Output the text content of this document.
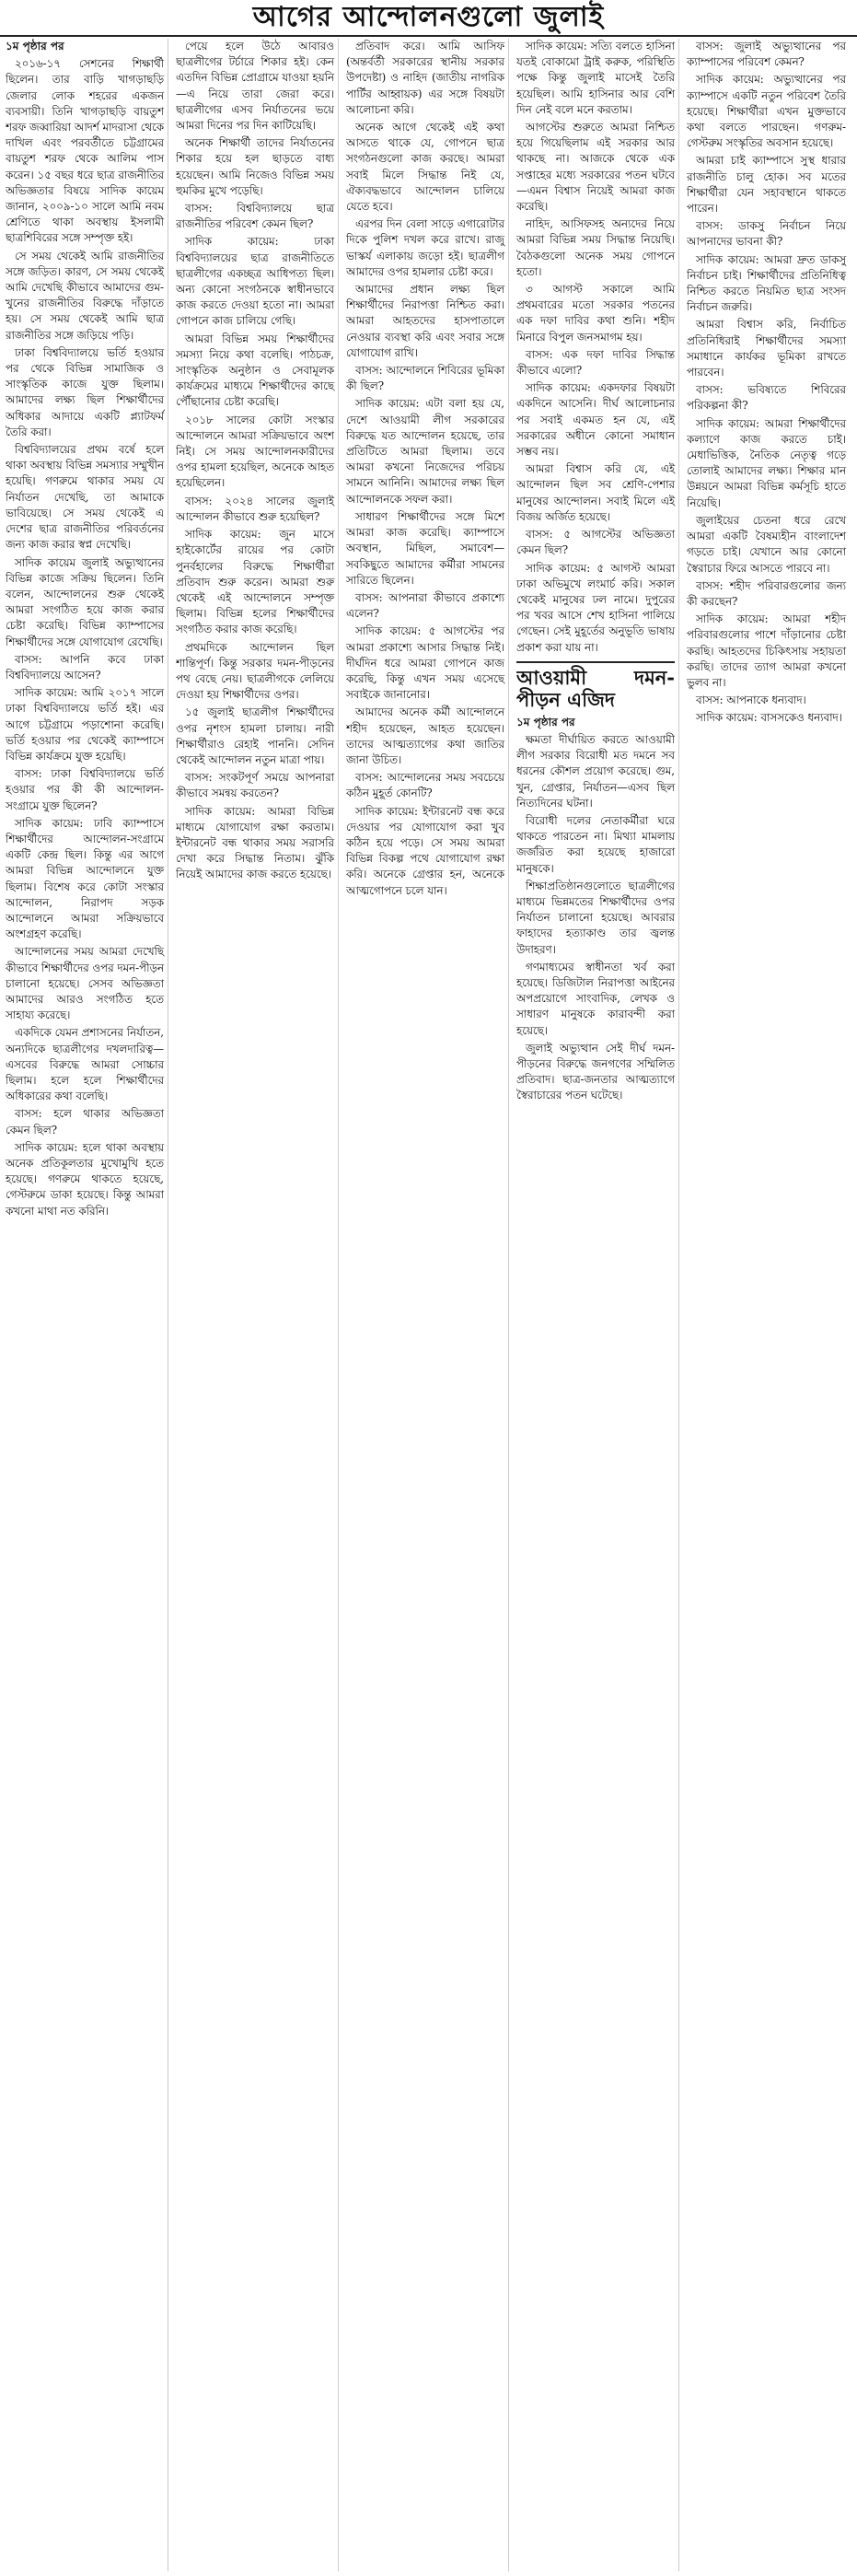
আগের আন্দোলনগুলো জুলাই
১ম পৃষ্ঠার পর

২০১৬-১৭ সেশনের শিক্ষার্থী ছিলেন। তার বাড়ি খাগড়াছড়ি জেলার লোক শহরের একজন ব্যবসায়ী। তিনি খাগড়াছড়ি বায়তুশ শরফ জব্বারিয়া আদর্শ মাদরাসা থেকে দাখিল এবং পরবর্তীতে চট্টগ্রামের বায়তুশ শরফ থেকে আলিম পাস করেন। ১৫ বছর ধরে ছাত্র রাজনীতির অভিজ্ঞতার বিষয়ে সাদিক কায়েম জানান, ২০০৯-১০ সালে আমি নবম শ্রেণিতে থাকা অবস্থায় ইসলামী ছাত্রশিবিরের সঙ্গে সম্পৃক্ত হই।

সে সময় থেকেই আমি রাজনীতির সঙ্গে জড়িত। কারণ, সে সময় থেকেই আমি দেখেছি কীভাবে আমাদের গুম-খুনের রাজনীতির বিরুদ্ধে দাঁড়াতে হয়। সে সময় থেকেই আমি ছাত্র রাজনীতির সঙ্গে জড়িয়ে পড়ি।

ঢাকা বিশ্ববিদ্যালয়ে ভর্তি হওয়ার পর থেকে বিভিন্ন সামাজিক ও সাংস্কৃতিক কাজে যুক্ত ছিলাম। আমাদের লক্ষ্য ছিল শিক্ষার্থীদের অধিকার আদায়ে একটি প্ল্যাটফর্ম তৈরি করা।

বিশ্ববিদ্যালয়ের প্রথম বর্ষে হলে থাকা অবস্থায় বিভিন্ন সমস্যার সম্মুখীন হয়েছি। গণরুমে থাকার সময় যে নির্যাতন দেখেছি, তা আমাকে ভাবিয়েছে। সে সময় থেকেই এ দেশের ছাত্র রাজনীতির পরিবর্তনের জন্য কাজ করার স্বপ্ন দেখেছি।

সাদিক কায়েম জুলাই অভ্যুত্থানের বিভিন্ন কাজে সক্রিয় ছিলেন। তিনি বলেন, আন্দোলনের শুরু থেকেই আমরা সংগঠিত হয়ে কাজ করার চেষ্টা করেছি। বিভিন্ন ক্যাম্পাসের শিক্ষার্থীদের সঙ্গে যোগাযোগ রেখেছি।

বাসস: আপনি কবে ঢাকা বিশ্ববিদ্যালয়ে আসেন?

সাদিক কায়েম: আমি ২০১৭ সালে ঢাকা বিশ্ববিদ্যালয়ে ভর্তি হই। এর আগে চট্টগ্রামে পড়াশোনা করেছি। ভর্তি হওয়ার পর থেকেই ক্যাম্পাসে বিভিন্ন কার্যক্রমে যুক্ত হয়েছি।

বাসস: ঢাকা বিশ্ববিদ্যালয়ে ভর্তি হওয়ার পর কী কী আন্দোলন-সংগ্রামে যুক্ত ছিলেন?

সাদিক কায়েম: ঢাবি ক্যাম্পাসে শিক্ষার্থীদের আন্দোলন-সংগ্রামে একটি কেন্দ্র ছিল। কিন্তু এর আগে আমরা বিভিন্ন আন্দোলনে যুক্ত ছিলাম। বিশেষ করে কোটা সংস্কার আন্দোলন, নিরাপদ সড়ক আন্দোলনে আমরা সক্রিয়ভাবে অংশগ্রহণ করেছি।

আন্দোলনের সময় আমরা দেখেছি কীভাবে শিক্ষার্থীদের ওপর দমন-পীড়ন চালানো হয়েছে। সেসব অভিজ্ঞতা আমাদের আরও সংগঠিত হতে সাহায্য করেছে।

একদিকে যেমন প্রশাসনের নির্যাতন, অন্যদিকে ছাত্রলীগের দখলদারিত্ব—এসবের বিরুদ্ধে আমরা সোচ্চার ছিলাম। হলে হলে শিক্ষার্থীদের অধিকারের কথা বলেছি।

বাসস: হলে থাকার অভিজ্ঞতা কেমন ছিল?

সাদিক কায়েম: হলে থাকা অবস্থায় অনেক প্রতিকূলতার মুখোমুখি হতে হয়েছে। গণরুমে থাকতে হয়েছে, গেস্টরুমে ডাকা হয়েছে। কিন্তু আমরা কখনো মাথা নত করিনি।

পেয়ে হলে উঠে আবারও ছাত্রলীগের টর্চারে শিকার হই। কেন এতদিন বিভিন্ন প্রোগ্রামে যাওয়া হয়নি—এ নিয়ে তারা জেরা করে। ছাত্রলীগের এসব নির্যাতনের ভয়ে আমরা দিনের পর দিন কাটিয়েছি।

অনেক শিক্ষার্থী তাদের নির্যাতনের শিকার হয়ে হল ছাড়তে বাধ্য হয়েছেন। আমি নিজেও বিভিন্ন সময় হুমকির মুখে পড়েছি।

বাসস: বিশ্ববিদ্যালয়ে ছাত্র রাজনীতির পরিবেশ কেমন ছিল?

সাদিক কায়েম: ঢাকা বিশ্ববিদ্যালয়ের ছাত্র রাজনীতিতে ছাত্রলীগের একচ্ছত্র আধিপত্য ছিল। অন্য কোনো সংগঠনকে স্বাধীনভাবে কাজ করতে দেওয়া হতো না। আমরা গোপনে কাজ চালিয়ে গেছি।

আমরা বিভিন্ন সময় শিক্ষার্থীদের সমস্যা নিয়ে কথা বলেছি। পাঠচক্র, সাংস্কৃতিক অনুষ্ঠান ও সেবামূলক কার্যক্রমের মাধ্যমে শিক্ষার্থীদের কাছে পৌঁছানোর চেষ্টা করেছি।

২০১৮ সালের কোটা সংস্কার আন্দোলনে আমরা সক্রিয়ভাবে অংশ নিই। সে সময় আন্দোলনকারীদের ওপর হামলা হয়েছিল, অনেকে আহত হয়েছিলেন।

বাসস: ২০২৪ সালের জুলাই আন্দোলন কীভাবে শুরু হয়েছিল?

সাদিক কায়েম: জুন মাসে হাইকোর্টের রায়ের পর কোটা পুনর্বহালের বিরুদ্ধে শিক্ষার্থীরা প্রতিবাদ শুরু করেন। আমরা শুরু থেকেই এই আন্দোলনে সম্পৃক্ত ছিলাম। বিভিন্ন হলের শিক্ষার্থীদের সংগঠিত করার কাজ করেছি।

প্রথমদিকে আন্দোলন ছিল শান্তিপূর্ণ। কিন্তু সরকার দমন-পীড়নের পথ বেছে নেয়। ছাত্রলীগকে লেলিয়ে দেওয়া হয় শিক্ষার্থীদের ওপর।

১৫ জুলাই ছাত্রলীগ শিক্ষার্থীদের ওপর নৃশংস হামলা চালায়। নারী শিক্ষার্থীরাও রেহাই পাননি। সেদিন থেকেই আন্দোলন নতুন মাত্রা পায়।

বাসস: সংকটপূর্ণ সময়ে আপনারা কীভাবে সমন্বয় করতেন?

সাদিক কায়েম: আমরা বিভিন্ন মাধ্যমে যোগাযোগ রক্ষা করতাম। ইন্টারনেট বন্ধ থাকার সময় সরাসরি দেখা করে সিদ্ধান্ত নিতাম। ঝুঁকি নিয়েই আমাদের কাজ করতে হয়েছে।

প্রতিবাদ করে। আমি আসিফ (অন্তর্বর্তী সরকারের স্থানীয় সরকার উপদেষ্টা) ও নাহিদ (জাতীয় নাগরিক পার্টির আহ্বায়ক) এর সঙ্গে বিষয়টা আলোচনা করি।

অনেক আগে থেকেই এই কথা আসতে থাকে যে, গোপনে ছাত্র সংগঠনগুলো কাজ করছে। আমরা সবাই মিলে সিদ্ধান্ত নিই যে, ঐক্যবদ্ধভাবে আন্দোলন চালিয়ে যেতে হবে।

এরপর দিন বেলা সাড়ে এগারোটার দিকে পুলিশ দখল করে রাখে। রাজু ভাস্কর্য এলাকায় জড়ো হই। ছাত্রলীগ আমাদের ওপর হামলার চেষ্টা করে।

আমাদের প্রধান লক্ষ্য ছিল শিক্ষার্থীদের নিরাপত্তা নিশ্চিত করা। আমরা আহতদের হাসপাতালে নেওয়ার ব্যবস্থা করি এবং সবার সঙ্গে যোগাযোগ রাখি।

বাসস: আন্দোলনে শিবিরের ভূমিকা কী ছিল?

সাদিক কায়েম: এটা বলা হয় যে, দেশে আওয়ামী লীগ সরকারের বিরুদ্ধে যত আন্দোলন হয়েছে, তার প্রতিটিতে আমরা ছিলাম। তবে আমরা কখনো নিজেদের পরিচয় সামনে আনিনি। আমাদের লক্ষ্য ছিল আন্দোলনকে সফল করা।

সাধারণ শিক্ষার্থীদের সঙ্গে মিশে আমরা কাজ করেছি। ক্যাম্পাসে অবস্থান, মিছিল, সমাবেশ—সবকিছুতে আমাদের কর্মীরা সামনের সারিতে ছিলেন।

বাসস: আপনারা কীভাবে প্রকাশ্যে এলেন?

সাদিক কায়েম: ৫ আগস্টের পর আমরা প্রকাশ্যে আসার সিদ্ধান্ত নিই। দীর্ঘদিন ধরে আমরা গোপনে কাজ করেছি, কিন্তু এখন সময় এসেছে সবাইকে জানানোর।

আমাদের অনেক কর্মী আন্দোলনে শহীদ হয়েছেন, আহত হয়েছেন। তাদের আত্মত্যাগের কথা জাতির জানা উচিত।

বাসস: আন্দোলনের সময় সবচেয়ে কঠিন মুহূর্ত কোনটি?

সাদিক কায়েম: ইন্টারনেট বন্ধ করে দেওয়ার পর যোগাযোগ করা খুব কঠিন হয়ে পড়ে। সে সময় আমরা বিভিন্ন বিকল্প পথে যোগাযোগ রক্ষা করি। অনেকে গ্রেপ্তার হন, অনেকে আত্মগোপনে চলে যান।

সাদিক কায়েম: সত্যি বলতে হাসিনা যতই বোকামো ট্রাই করুক, পরিস্থিতি পক্ষে কিন্তু জুলাই মাসেই তৈরি হয়েছিল। আমি হাসিনার আর বেশি দিন নেই বলে মনে করতাম।

আগস্টের শুরুতে আমরা নিশ্চিত হয়ে গিয়েছিলাম এই সরকার আর থাকছে না। আজকে থেকে এক সপ্তাহের মধ্যে সরকারের পতন ঘটবে—এমন বিশ্বাস নিয়েই আমরা কাজ করেছি।

নাহিদ, আসিফসহ অন্যদের নিয়ে আমরা বিভিন্ন সময় সিদ্ধান্ত নিয়েছি। বৈঠকগুলো অনেক সময় গোপনে হতো।

৩ আগস্ট সকালে আমি প্রথমবারের মতো সরকার পতনের এক দফা দাবির কথা শুনি। শহীদ মিনারে বিপুল জনসমাগম হয়।

বাসস: এক দফা দাবির সিদ্ধান্ত কীভাবে এলো?

সাদিক কায়েম: একদফার বিষয়টা একদিনে আসেনি। দীর্ঘ আলোচনার পর সবাই একমত হন যে, এই সরকারের অধীনে কোনো সমাধান সম্ভব নয়।

আমরা বিশ্বাস করি যে, এই আন্দোলন ছিল সব শ্রেণি-পেশার মানুষের আন্দোলন। সবাই মিলে এই বিজয় অর্জিত হয়েছে।

বাসস: ৫ আগস্টের অভিজ্ঞতা কেমন ছিল?

সাদিক কায়েম: ৫ আগস্ট আমরা ঢাকা অভিমুখে লংমার্চ করি। সকাল থেকেই মানুষের ঢল নামে। দুপুরের পর খবর আসে শেখ হাসিনা পালিয়ে গেছেন। সেই মুহূর্তের অনুভূতি ভাষায় প্রকাশ করা যায় না।

আওয়ামী দমন-পীড়ন এজিদ
১ম পৃষ্ঠার পর

ক্ষমতা দীর্ঘায়িত করতে আওয়ামী লীগ সরকার বিরোধী মত দমনে সব ধরনের কৌশল প্রয়োগ করেছে। গুম, খুন, গ্রেপ্তার, নির্যাতন—এসব ছিল নিত্যদিনের ঘটনা।

বিরোধী দলের নেতাকর্মীরা ঘরে থাকতে পারতেন না। মিথ্যা মামলায় জর্জরিত করা হয়েছে হাজারো মানুষকে।

শিক্ষাপ্রতিষ্ঠানগুলোতে ছাত্রলীগের মাধ্যমে ভিন্নমতের শিক্ষার্থীদের ওপর নির্যাতন চালানো হয়েছে। আবরার ফাহাদের হত্যাকাণ্ড তার জ্বলন্ত উদাহরণ।

গণমাধ্যমের স্বাধীনতা খর্ব করা হয়েছে। ডিজিটাল নিরাপত্তা আইনের অপপ্রয়োগে সাংবাদিক, লেখক ও সাধারণ মানুষকে কারাবন্দী করা হয়েছে।

জুলাই অভ্যুত্থান সেই দীর্ঘ দমন-পীড়নের বিরুদ্ধে জনগণের সম্মিলিত প্রতিবাদ। ছাত্র-জনতার আত্মত্যাগে স্বৈরাচারের পতন ঘটেছে।

বাসস: জুলাই অভ্যুত্থানের পর ক্যাম্পাসের পরিবেশ কেমন?

সাদিক কায়েম: অভ্যুত্থানের পর ক্যাম্পাসে একটি নতুন পরিবেশ তৈরি হয়েছে। শিক্ষার্থীরা এখন মুক্তভাবে কথা বলতে পারছেন। গণরুম-গেস্টরুম সংস্কৃতির অবসান হয়েছে।

আমরা চাই ক্যাম্পাসে সুস্থ ধারার রাজনীতি চালু হোক। সব মতের শিক্ষার্থীরা যেন সহাবস্থানে থাকতে পারেন।

বাসস: ডাকসু নির্বাচন নিয়ে আপনাদের ভাবনা কী?

সাদিক কায়েম: আমরা দ্রুত ডাকসু নির্বাচন চাই। শিক্ষার্থীদের প্রতিনিধিত্ব নিশ্চিত করতে নিয়মিত ছাত্র সংসদ নির্বাচন জরুরি।

আমরা বিশ্বাস করি, নির্বাচিত প্রতিনিধিরাই শিক্ষার্থীদের সমস্যা সমাধানে কার্যকর ভূমিকা রাখতে পারবেন।

বাসস: ভবিষ্যতে শিবিরের পরিকল্পনা কী?

সাদিক কায়েম: আমরা শিক্ষার্থীদের কল্যাণে কাজ করতে চাই। মেধাভিত্তিক, নৈতিক নেতৃত্ব গড়ে তোলাই আমাদের লক্ষ্য। শিক্ষার মান উন্নয়নে আমরা বিভিন্ন কর্মসূচি হাতে নিয়েছি।

জুলাইয়ের চেতনা ধরে রেখে আমরা একটি বৈষম্যহীন বাংলাদেশ গড়তে চাই। যেখানে আর কোনো স্বৈরাচার ফিরে আসতে পারবে না।

বাসস: শহীদ পরিবারগুলোর জন্য কী করছেন?

সাদিক কায়েম: আমরা শহীদ পরিবারগুলোর পাশে দাঁড়ানোর চেষ্টা করছি। আহতদের চিকিৎসায় সহায়তা করছি। তাদের ত্যাগ আমরা কখনো ভুলব না।

বাসস: আপনাকে ধন্যবাদ।

সাদিক কায়েম: বাসসকেও ধন্যবাদ।
